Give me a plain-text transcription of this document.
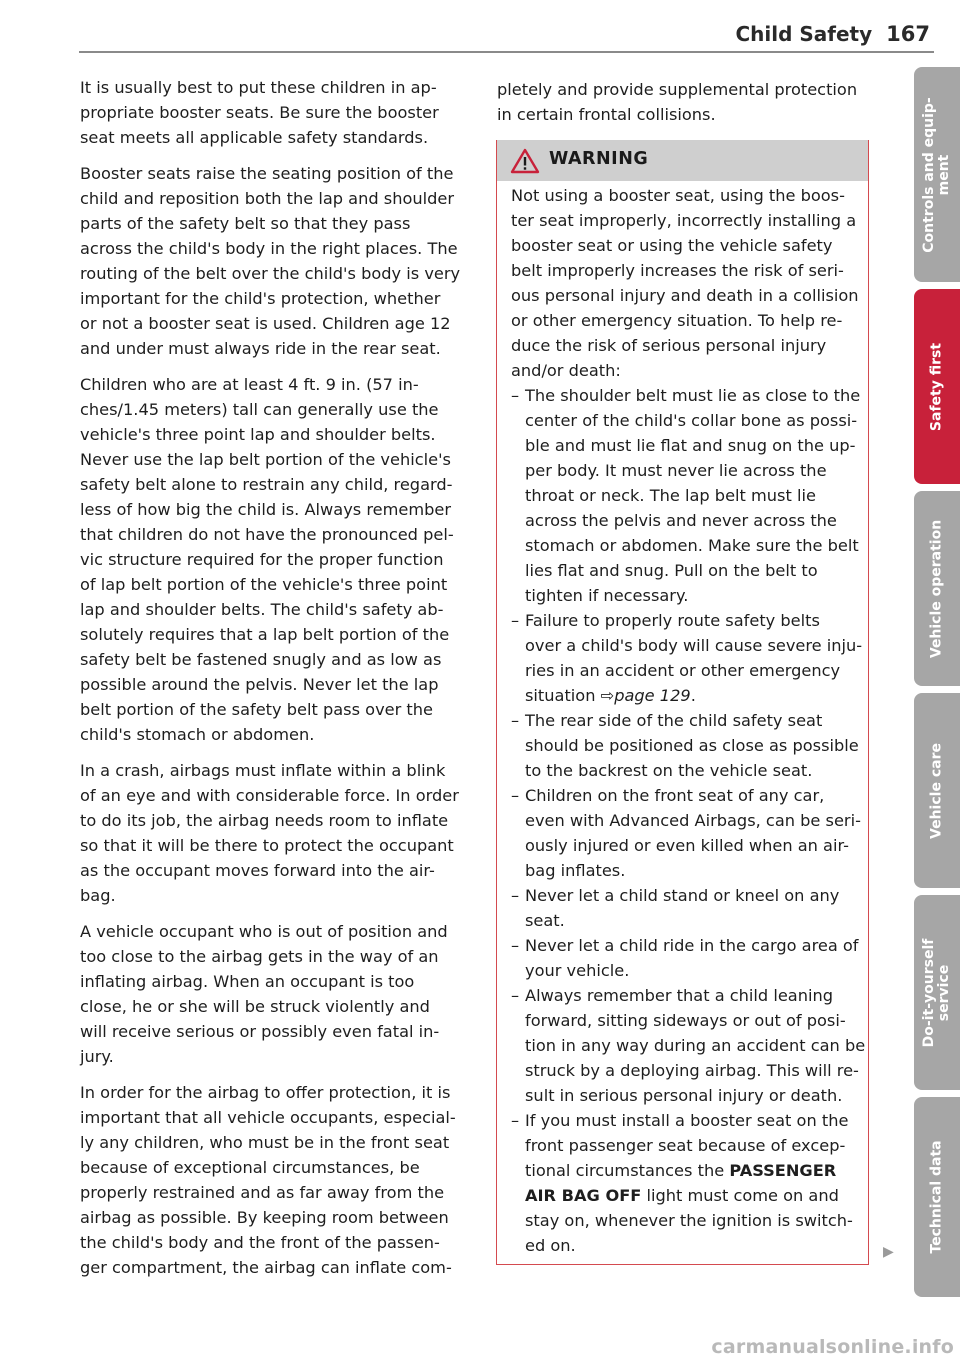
Child Safety 167

It is usually best to put these children in ap-
propriate booster seats. Be sure the booster
seat meets all applicable safety standards.

Booster seats raise the seating position of the
child and reposition both the lap and shoulder
parts of the safety belt so that they pass
across the child's body in the right places. The
routing of the belt over the child's body is very
important for the child's protection, whether
or not a booster seat is used. Children age 12
and under must always ride in the rear seat.

Children who are at least 4 ft. 9 in. (57 in-
ches/1.45 meters) tall can generally use the
vehicle's three point lap and shoulder belts.
Never use the lap belt portion of the vehicle's
safety belt alone to restrain any child, regard-
less of how big the child is. Always remember
that children do not have the pronounced pel-
vic structure required for the proper function
of lap belt portion of the vehicle's three point
lap and shoulder belts. The child's safety ab-
solutely requires that a lap belt portion of the
safety belt be fastened snugly and as low as
possible around the pelvis. Never let the lap
belt portion of the safety belt pass over the
child's stomach or abdomen.

In a crash, airbags must inflate within a blink
of an eye and with considerable force. In order
to do its job, the airbag needs room to inflate
so that it will be there to protect the occupant
as the occupant moves forward into the air-
bag.

A vehicle occupant who is out of position and
too close to the airbag gets in the way of an
inflating airbag. When an occupant is too
close, he or she will be struck violently and
will receive serious or possibly even fatal in-
jury.

In order for the airbag to offer protection, it is
important that all vehicle occupants, especial-
ly any children, who must be in the front seat
because of exceptional circumstances, be
properly restrained and as far away from the
airbag as possible. By keeping room between
the child's body and the front of the passen-
ger compartment, the airbag can inflate com-

pletely and provide supplemental protection
in certain frontal collisions.

WARNING
Not using a booster seat, using the boos-
ter seat improperly, incorrectly installing a
booster seat or using the vehicle safety
belt improperly increases the risk of seri-
ous personal injury and death in a collision
or other emergency situation. To help re-
duce the risk of serious personal injury
and/or death:
– The shoulder belt must lie as close to the
center of the child's collar bone as possi-
ble and must lie flat and snug on the up-
per body. It must never lie across the
throat or neck. The lap belt must lie
across the pelvis and never across the
stomach or abdomen. Make sure the belt
lies flat and snug. Pull on the belt to
tighten if necessary.
– Failure to properly route safety belts
over a child's body will cause severe inju-
ries in an accident or other emergency
situation ⇨page 129.
– The rear side of the child safety seat
should be positioned as close as possible
to the backrest on the vehicle seat.
– Children on the front seat of any car,
even with Advanced Airbags, can be seri-
ously injured or even killed when an air-
bag inflates.
– Never let a child stand or kneel on any
seat.
– Never let a child ride in the cargo area of
your vehicle.
– Always remember that a child leaning
forward, sitting sideways or out of posi-
tion in any way during an accident can be
struck by a deploying airbag. This will re-
sult in serious personal injury or death.
– If you must install a booster seat on the
front passenger seat because of excep-
tional circumstances the PASSENGER
AIR BAG OFF light must come on and
stay on, whenever the ignition is switch-
ed on.	▶
Controls and equip-
ment
Safety first
Vehicle operation
Vehicle care
Do-it-yourself
service
Technical data
carmanualsonline.info
